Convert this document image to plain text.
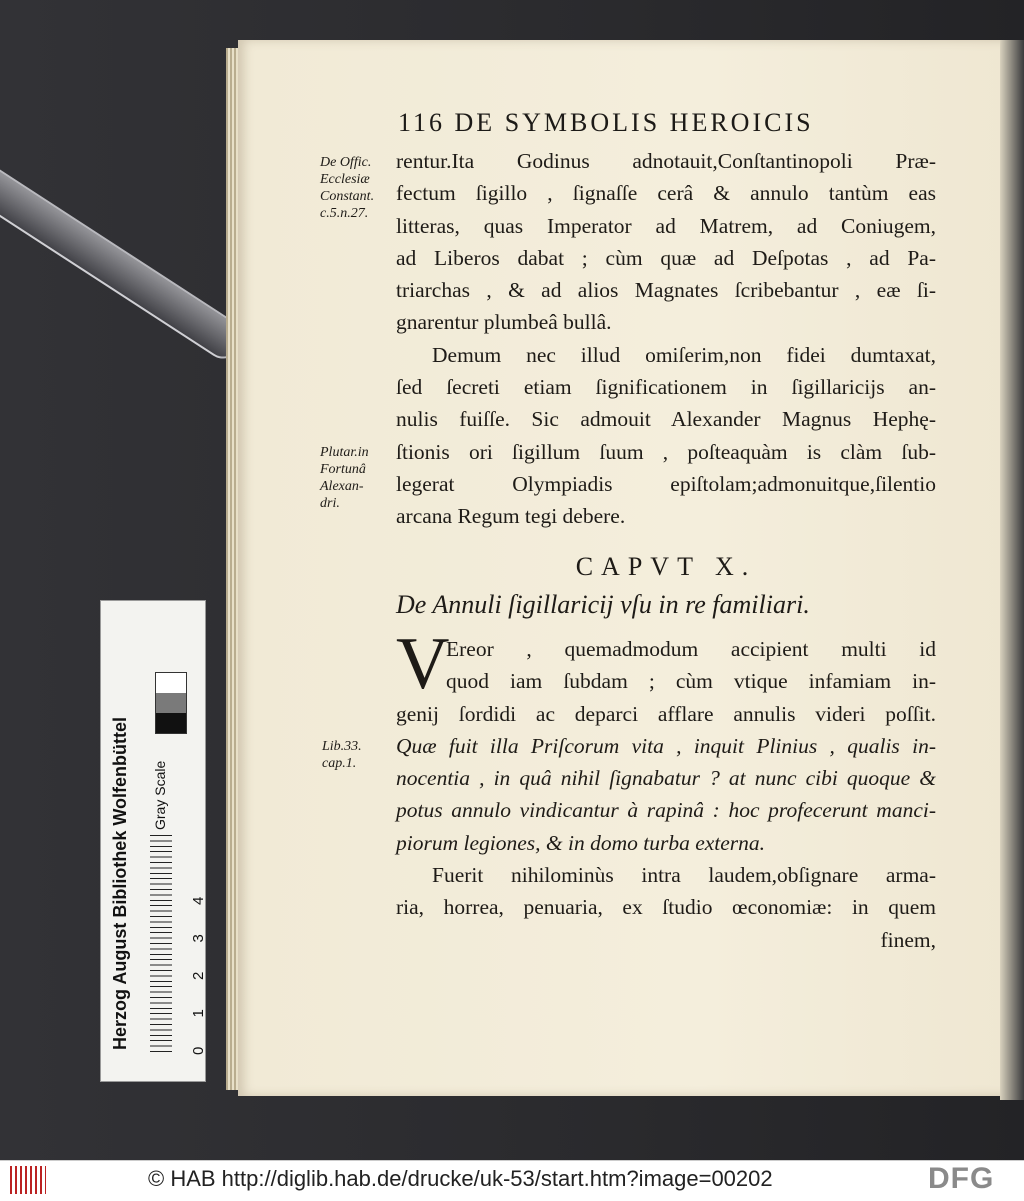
116 DE SYMBOLIS HEROICIS
De Offic.
Ecclesiæ
Constant.
c.5.n.27.
Plutar.in
Fortunâ
Alexan-
dri.
Lib.33.
cap.1.
rentur.Ita Godinus adnotauit,Conſtantinopoli Præ-
fectum ſigillo , ſignaſſe cerâ & annulo tantùm eas
litteras, quas Imperator ad Matrem, ad Coniugem,
ad Liberos dabat ; cùm quæ ad Deſpotas , ad Pa-
triarchas , & ad alios Magnates ſcribebantur , eæ ſi-
gnarentur plumbeâ bullâ.
Demum nec illud omiſerim,non fidei dumtaxat,
ſed ſecreti etiam ſignificationem in ſigillaricijs an-
nulis fuiſſe. Sic admouit Alexander Magnus Hephę-
ſtionis ori ſigillum ſuum , poſteaquàm is clàm ſub-
legerat Olympiadis epiſtolam;admonuitque,ſilentio
arcana Regum tegi debere.
CAPVT X.
De Annuli ſigillaricij vſu in re familiari.
V
Ereor , quemadmodum accipient multi id
quod iam ſubdam ; cùm vtique infamiam in-
genij ſordidi ac deparci afflare annulis videri poſſit.
Quæ fuit illa Priſcorum vita , inquit Plinius , qualis in-
nocentia , in quâ nihil ſignabatur ? at nunc cibi quoque &
potus annulo vindicantur à rapinâ : hoc profecerunt manci-
piorum legiones, & in domo turba externa.
Fuerit nihilominùs intra laudem,obſignare arma-
ria, horrea, penuaria, ex ſtudio œconomiæ: in quem
finem,
Herzog August Bibliothek Wolfenbüttel Gray Scale
0       1       2       3       4
© HAB http://diglib.hab.de/drucke/uk-53/start.htm?image=00202	DFG
